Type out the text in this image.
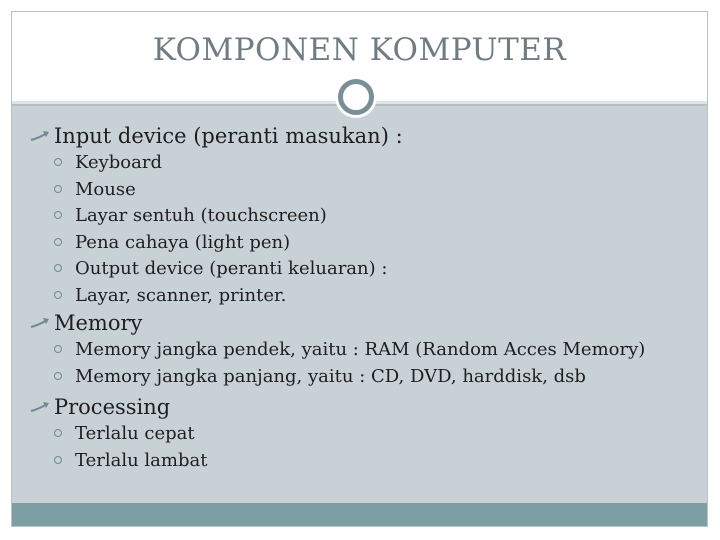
KOMPONEN KOMPUTER
Input device (peranti masukan) :
Keyboard
Mouse
Layar sentuh (touchscreen)
Pena cahaya (light pen)
Output device (peranti keluaran) :
Layar, scanner, printer.
Memory
Memory jangka pendek, yaitu : RAM (Random Acces Memory)
Memory jangka panjang, yaitu : CD, DVD, harddisk, dsb
Processing
Terlalu cepat
Terlalu lambat
